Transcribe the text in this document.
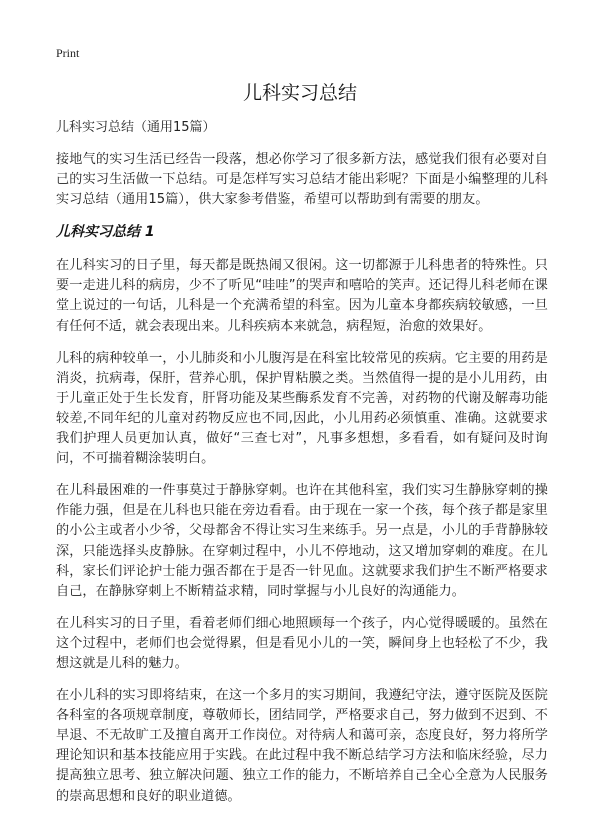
Print
儿科实习总结

儿科实习总结（通用15篇）

接地气的实习生活已经告一段落，想必你学习了很多新方法，感觉我们很有必要对自己的实习生活做一下总结。可是怎样写实习总结才能出彩呢？下面是小编整理的儿科实习总结（通用15篇），供大家参考借鉴，希望可以帮助到有需要的朋友。

儿科实习总结 1

在儿科实习的日子里，每天都是既热闹又很闲。这一切都源于儿科患者的特殊性。只要一走进儿科的病房，少不了听见“哇哇”的哭声和嘻哈的笑声。还记得儿科老师在课堂上说过的一句话，儿科是一个充满希望的科室。因为儿童本身都疾病较敏感，一旦有任何不适，就会表现出来。儿科疾病本来就急，病程短，治愈的效果好。

儿科的病种较单一，小儿肺炎和小儿腹泻是在科室比较常见的疾病。它主要的用药是消炎，抗病毒，保肝，营养心肌，保护胃粘膜之类。当然值得一提的是小儿用药，由于儿童正处于生长发育，肝肾功能及某些酶系发育不完善，对药物的代谢及解毒功能较差,不同年纪的儿童对药物反应也不同,因此，小儿用药必须慎重、准确。这就要求我们护理人员更加认真，做好“三查七对”，凡事多想想，多看看，如有疑问及时询问，不可揣着糊涂装明白。

在儿科最困难的一件事莫过于静脉穿刺。也许在其他科室，我们实习生静脉穿刺的操作能力强，但是在儿科也只能在旁边看看。由于现在一家一个孩，每个孩子都是家里的小公主或者小少爷，父母都舍不得让实习生来练手。另一点是，小儿的手背静脉较深，只能选择头皮静脉。在穿刺过程中，小儿不停地动，这又增加穿刺的难度。在儿科，家长们评论护士能力强否都在于是否一针见血。这就要求我们护生不断严格要求自己，在静脉穿刺上不断精益求精，同时掌握与小儿良好的沟通能力。

在儿科实习的日子里，看着老师们细心地照顾每一个孩子，内心觉得暖暖的。虽然在这个过程中，老师们也会觉得累，但是看见小儿的一笑，瞬间身上也轻松了不少，我想这就是儿科的魅力。

在小儿科的实习即将结束，在这一个多月的实习期间，我遵纪守法，遵守医院及医院各科室的各项规章制度，尊敬师长，团结同学，严格要求自己，努力做到不迟到、不早退、不无故旷工及擅自离开工作岗位。对待病人和蔼可亲，态度良好，努力将所学理论知识和基本技能应用于实践。在此过程中我不断总结学习方法和临床经验，尽力提高独立思考、独立解决问题、独立工作的能力，不断培养自己全心全意为人民服务的崇高思想和良好的职业道德。
